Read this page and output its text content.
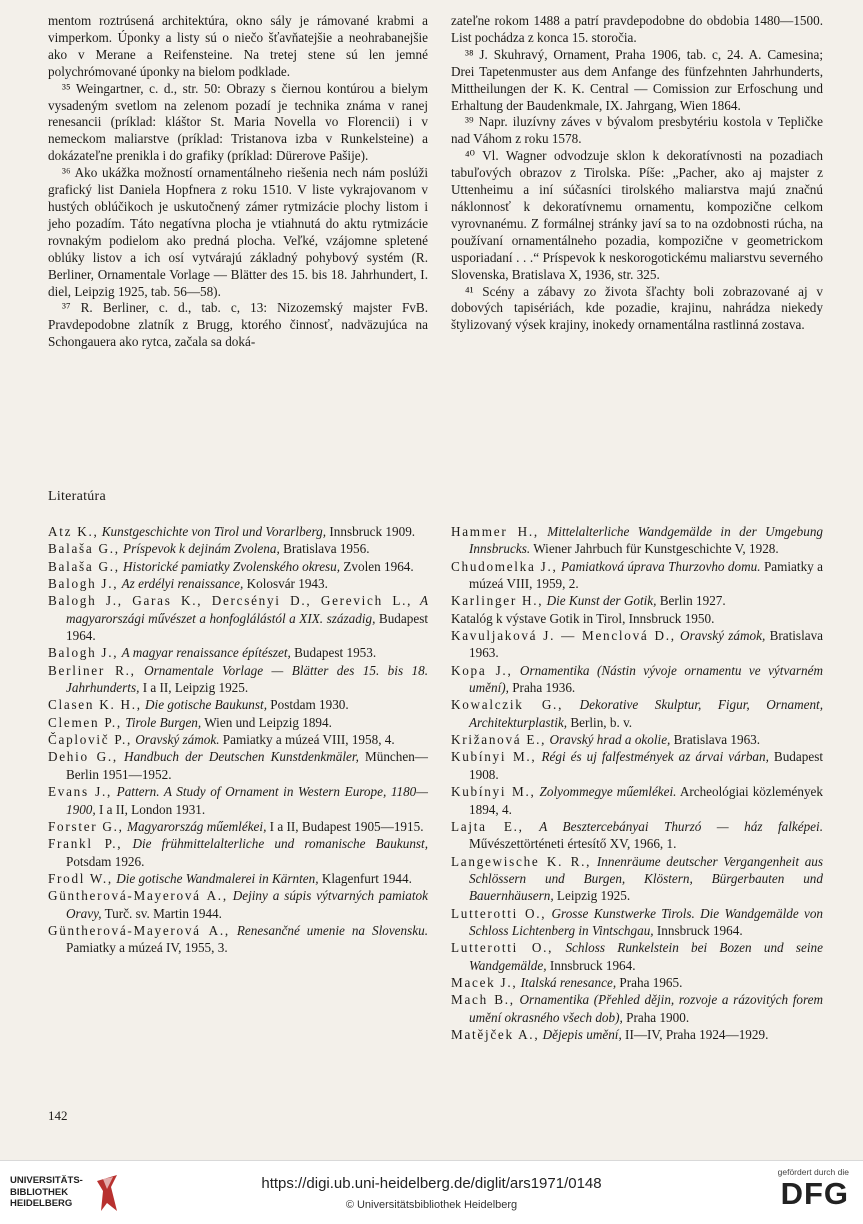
mentom roztrúsená architektúra, okno sály je rámované krabmi a vimperkom. Úponky a listy sú o niečo šťavňatejšie a neohrabanejšie ako v Merane a Reifensteine. Na tretej stene sú len jemné polychrómované úponky na bielom podklade.

³⁵ Weingartner, c. d., str. 50: Obrazy s čiernou kontúrou a bielym vysadeným svetlom na zelenom pozadí je technika známa v ranej renesancii (príklad: kláštor St. Maria Novella vo Florencii) i v nemeckom maliarstve (príklad: Tristanova izba v Runkelsteine) a dokázateľne prenikla i do grafiky (príklad: Dürerove Pašije).

³⁶ Ako ukážka možností ornamentálneho riešenia nech nám poslúži grafický list Daniela Hopfnera z roku 1510. V liste vykrajovanom v hustých oblúčikoch je uskutočnený zámer rytmizácie plochy listom i jeho pozadím. Táto negatívna plocha je vtiahnutá do aktu rytmizácie rovnakým podielom ako predná plocha. Veľké, vzájomne spletené oblúky listov a ich osí vytvárajú základný pohybový systém (R. Berliner, Ornamentale Vorlage — Blätter des 15. bis 18. Jahrhundert, I. diel, Leipzig 1925, tab. 56—58).

³⁷ R. Berliner, c. d., tab. c, 13: Nizozemský majster FvB. Pravdepodobne zlatník z Brugg, ktorého činnosť, nadväzujúca na Schongauera ako rytca, začala sa doká-

zateľne rokom 1488 a patrí pravdepodobne do obdobia 1480—1500. List pochádza z konca 15. storočia.

³⁸ J. Skuhravý, Ornament, Praha 1906, tab. c, 24. A. Camesina; Drei Tapetenmuster aus dem Anfange des fünfzehnten Jahrhunderts, Mittheilungen der K. K. Central — Comission zur Erfoschung und Erhaltung der Baudenkmale, IX. Jahrgang, Wien 1864.

³⁹ Napr. iluzívny záves v bývalom presbytériu kostola v Tepličke nad Váhom z roku 1578.

⁴⁰ Vl. Wagner odvodzuje sklon k dekoratívnosti na pozadiach tabuľových obrazov z Tirolska. Píše: „Pacher, ako aj majster z Uttenheimu a iní súčasníci tirolského maliarstva majú značnú náklonnosť k dekoratívnemu ornamentu, kompozične celkom vyrovnanému. Z formálnej stránky javí sa to na ozdobnosti rúcha, na používaní ornamentálneho pozadia, kompozične v geometrickom usporiadaní . . .“ Príspevok k neskorogotickému maliarstvu severného Slovenska, Bratislava X, 1936, str. 325.

⁴¹ Scény a zábavy zo života šľachty boli zobrazované aj v dobových tapisériách, kde pozadie, krajinu, nahrádza niekedy štylizovaný výsek krajiny, inokedy ornamentálna rastlinná zostava.

Literatúra

Atz K., Kunstgeschichte von Tirol und Vorarlberg, Innsbruck 1909.

Balaša G., Príspevok k dejinám Zvolena, Bratislava 1956.

Balaša G., Historické pamiatky Zvolenského okresu, Zvolen 1964.

Balogh J., Az erdélyi renaissance, Kolosvár 1943.

Balogh J., Garas K., Dercsényi D., Gerevich L., A magyarországi művészet a honfoglálástól a XIX. századig, Budapest 1964.

Balogh J., A magyar renaissance építészet, Budapest 1953.

Berliner R., Ornamentale Vorlage — Blätter des 15. bis 18. Jahrhunderts, I a II, Leipzig 1925.

Clasen K. H., Die gotische Baukunst, Postdam 1930.

Clemen P., Tirole Burgen, Wien und Leipzig 1894.

Čaplovič P., Oravský zámok. Pamiatky a múzeá VIII, 1958, 4.

Dehio G., Handbuch der Deutschen Kunstdenkmäler, München—Berlin 1951—1952.

Evans J., Pattern. A Study of Ornament in Western Europe, 1180—1900, I a II, London 1931.

Forster G., Magyarország műemlékei, I a II, Budapest 1905—1915.

Frankl P., Die frühmittelalterliche und romanische Baukunst, Potsdam 1926.

Frodl W., Die gotische Wandmalerei in Kärnten, Klagenfurt 1944.

Güntherová-Mayerová A., Dejiny a súpis výtvarných pamiatok Oravy, Turč. sv. Martin 1944.

Güntherová-Mayerová A., Renesančné umenie na Slovensku. Pamiatky a múzeá IV, 1955, 3.

Hammer H., Mittelalterliche Wandgemälde in der Umgebung Innsbrucks. Wiener Jahrbuch für Kunstgeschichte V, 1928.

Chudomelka J., Pamiatková úprava Thurzovho domu. Pamiatky a múzeá VIII, 1959, 2.

Karlinger H., Die Kunst der Gotik, Berlin 1927.

Katalóg k výstave Gotik in Tirol, Innsbruck 1950.

Kavuljaková J. — Menclová D., Oravský zámok, Bratislava 1963.

Kopa J., Ornamentika (Nástin vývoje ornamentu ve výtvarném umění), Praha 1936.

Kowalczik G., Dekorative Skulptur, Figur, Ornament, Architekturplastik, Berlin, b. v.

Križanová E., Oravský hrad a okolie, Bratislava 1963.

Kubínyi M., Régi és uj falfestmények az árvai várban, Budapest 1908.

Kubínyi M., Zolyommegye műemlékei. Archeológiai közlemények 1894, 4.

Lajta E., A Besztercebányai Thurzó — ház falképei. Művészettörténeti értesítő XV, 1966, 1.

Langewische K. R., Innenräume deutscher Vergangenheit aus Schlössern und Burgen, Klöstern, Bürgerbauten und Bauernhäusern, Leipzig 1925.

Lutterotti O., Grosse Kunstwerke Tirols. Die Wandgemälde von Schloss Lichtenberg in Vintschgau, Innsbruck 1964.

Lutterotti O., Schloss Runkelstein bei Bozen und seine Wandgemälde, Innsbruck 1964.

Macek J., Italská renesance, Praha 1965.

Mach B., Ornamentika (Přehled dějin, rozvoje a rázovitých forem umění okrasného všech dob), Praha 1900.

Matějček A., Dějepis umění, II—IV, Praha 1924—1929.

142
UNIVERSITÄTS-
BIBLIOTHEK
HEIDELBERG
https://digi.ub.uni-heidelberg.de/diglit/ars1971/0148
© Universitätsbibliothek Heidelberg
gefördert durch die
DFG
